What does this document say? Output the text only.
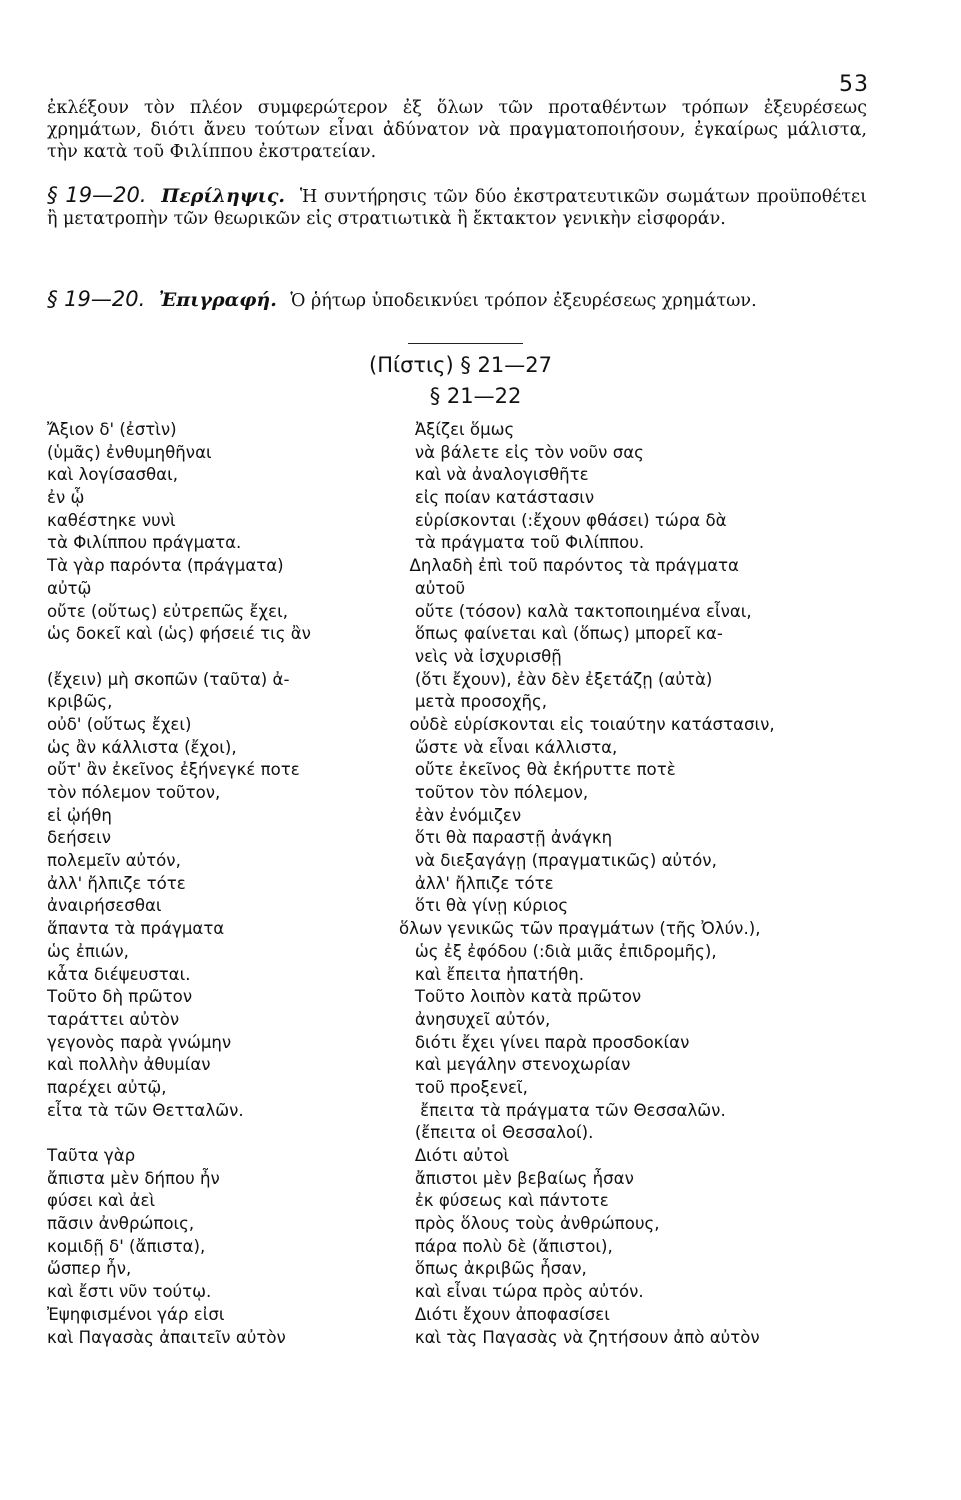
53
ἐκλέξουν τὸν πλέον συμφερώτερον ἐξ ὅλων τῶν προταθέντων τρόπων ἐξευρέσεως χρημάτων, διότι ἄνευ τούτων εἶναι ἀδύνατον νὰ πραγματοποιήσουν, ἐγκαίρως μάλιστα, τὴν κατὰ τοῦ Φιλίππου ἐκστρατείαν.
§ 19—20. Περίληψις. Ἡ συντήρησις τῶν δύο ἐκστρατευτικῶν σωμάτων προϋποθέτει ἢ μετατροπὴν τῶν θεωρικῶν εἰς στρατιωτικὰ ἢ ἔκτακτον γενικὴν εἰσφοράν.
§ 19—20. Ἐπιγραφή. Ὁ ῥήτωρ ὑποδεικνύει τρόπον ἐξευρέσεως χρημάτων.
(Πίστις) § 21—27
§ 21—22
Ἄξιον δ' (ἐστὶν)
(ὑμᾶς) ἐνθυμηθῆναι
καὶ λογίσασθαι,
ἐν ᾧ
καθέστηκε νυνὶ
τὰ Φιλίππου πράγματα.
Τὰ γὰρ παρόντα (πράγματα)
αὐτῷ
οὔτε (οὕτως) εὐτρεπῶς ἔχει,
ὡς δοκεῖ καὶ (ὡς) φήσειέ τις ἂν
(ἔχειν) μὴ σκοπῶν (ταῦτα) ἀ-
κριβῶς,
οὐδ' (οὕτως ἔχει)
ὡς ἂν κάλλιστα (ἔχοι),
οὔτ' ἂν ἐκεῖνος ἐξήνεγκέ ποτε
τὸν πόλεμον τοῦτον,
εἰ ᾠήθη
δεήσειν
πολεμεῖν αὐτόν,
ἀλλ' ἤλπιζε τότε
ἀναιρήσεσθαι
ἅπαντα τὰ πράγματα
ὡς ἐπιών,
κἆτα διέψευσται.
Τοῦτο δὴ πρῶτον
ταράττει αὐτὸν
γεγονὸς παρὰ γνώμην
καὶ πολλὴν ἀθυμίαν
παρέχει αὐτῷ,
εἶτα τὰ τῶν Θετταλῶν.
Ταῦτα γὰρ
ἄπιστα μὲν δήπου ἦν
φύσει καὶ ἀεὶ
πᾶσιν ἀνθρώποις,
κομιδῇ δ' (ἄπιστα),
ὥσπερ ἦν,
καὶ ἔστι νῦν τούτῳ.
Ἐψηφισμένοι γάρ εἰσι
καὶ Παγασὰς ἀπαιτεῖν αὐτὸν
Ἀξίζει ὅμως
νὰ βάλετε εἰς τὸν νοῦν σας
καὶ νὰ ἀναλογισθῆτε
εἰς ποίαν κατάστασιν
εὑρίσκονται (:ἔχουν φθάσει) τώρα δὰ
τὰ πράγματα τοῦ Φιλίππου.
Δηλαδὴ ἐπὶ τοῦ παρόντος τὰ πράγματα
αὐτοῦ
οὔτε (τόσον) καλὰ τακτοποιημένα εἶναι,
ὅπως φαίνεται καὶ (ὅπως) μπορεῖ κα-
νεὶς νὰ ἰσχυρισθῇ
(ὅτι ἔχουν), ἐὰν δὲν ἐξετάζῃ (αὐτὰ)
μετὰ προσοχῆς,
οὐδὲ εὑρίσκονται εἰς τοιαύτην κατάστασιν,
ὥστε νὰ εἶναι κάλλιστα,
οὔτε ἐκεῖνος θὰ ἐκήρυττε ποτὲ
τοῦτον τὸν πόλεμον,
ἐὰν ἐνόμιζεν
ὅτι θὰ παραστῇ ἀνάγκη
νὰ διεξαγάγῃ (πραγματικῶς) αὐτόν,
ἀλλ' ἤλπιζε τότε
ὅτι θὰ γίνῃ κύριος
ὅλων γενικῶς τῶν πραγμάτων (τῆς Ὀλύν.),
ὡς ἐξ ἐφόδου (:διὰ μιᾶς ἐπιδρομῆς),
καὶ ἔπειτα ἠπατήθη.
Τοῦτο λοιπὸν κατὰ πρῶτον
ἀνησυχεῖ αὐτόν,
διότι ἔχει γίνει παρὰ προσδοκίαν
καὶ μεγάλην στενοχωρίαν
τοῦ προξενεῖ,
ἔπειτα τὰ πράγματα τῶν Θεσσαλῶν.
(ἔπειτα οἱ Θεσσαλοί).
Διότι αὐτοὶ
ἄπιστοι μὲν βεβαίως ἦσαν
ἐκ φύσεως καὶ πάντοτε
πρὸς ὅλους τοὺς ἀνθρώπους,
πάρα πολὺ δὲ (ἄπιστοι),
ὅπως ἀκριβῶς ἦσαν,
καὶ εἶναι τώρα πρὸς αὐτόν.
Διότι ἔχουν ἀποφασίσει
καὶ τὰς Παγασὰς νὰ ζητήσουν ἀπὸ αὐτὸν
